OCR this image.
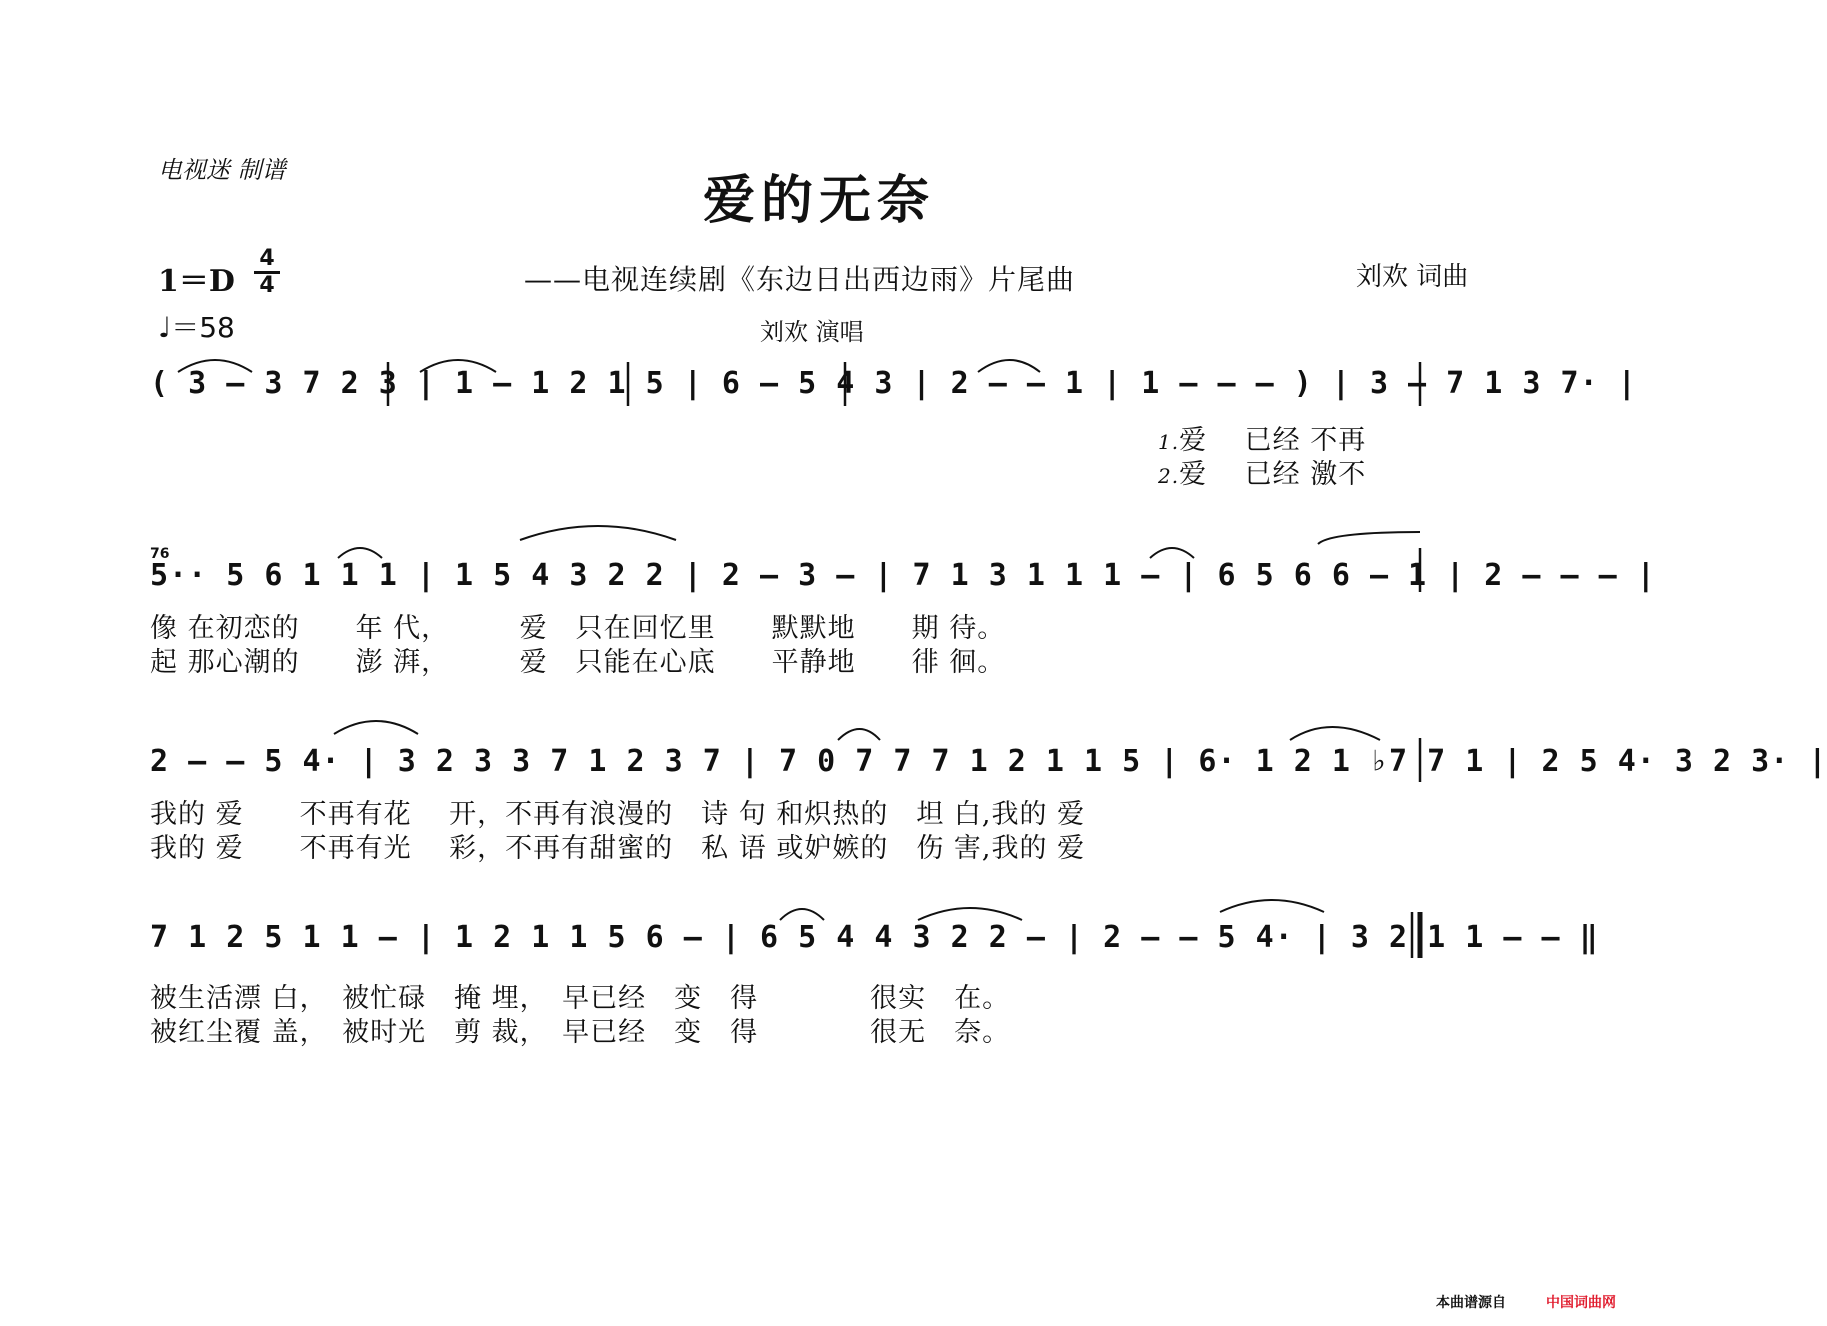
电视迷 制谱	爱的无奈
1＝D
4
4
♩＝58
——电视连续剧《东边日出西边雨》片尾曲	刘欢 词曲
刘欢 演唱
( 3 – 3 7 2 3 | 1 – 1 2 1 5 | 6 – 5 4 3 | 2 – – 1 | 1 – – – ) | 3 – 7 1 3 7· |
1.爱　 已经 不再
2.爱　 已经 激不
76
5·· 5 6 1 1 1 | 1 5 4 3 2 2 | 2 – 3 – | 7 1 3 1 1 1 – | 6 5 6 6 – 1 | 2 – – – |
像 在初恋的　　年 代，　　　爱　只在回忆里　　默默地　　期 待。
起 那心潮的　　澎 湃，　　　爱　只能在心底　　平静地　　徘 徊。
2 – – 5 4· | 3 2 3 3 7 1 2 3 7 | 7 0 7 7 7 1 2 1 1 5 | 6· 1 2 1 ♭7 7 1 | 2 5 4· 3 2 3· |
我的 爱　　不再有花　 开，不再有浪漫的　诗 句 和炽热的　坦 白,我的 爱
我的 爱　　不再有光　 彩，不再有甜蜜的　私 语 或妒嫉的　伤 害,我的 爱
7 1 2 5 1 1 – | 1 2 1 1 5 6 – | 6 5 4 4 3 2 2 – | 2 – – 5 4· | 3 2 1 1 – – ‖
被生活漂 白，　被忙碌　掩 埋，　早已经　变　得　　　　很实　在。
被红尘覆 盖，　被时光　剪 裁，　早已经　变　得　　　　很无　奈。
本曲谱源自	中国词曲网
